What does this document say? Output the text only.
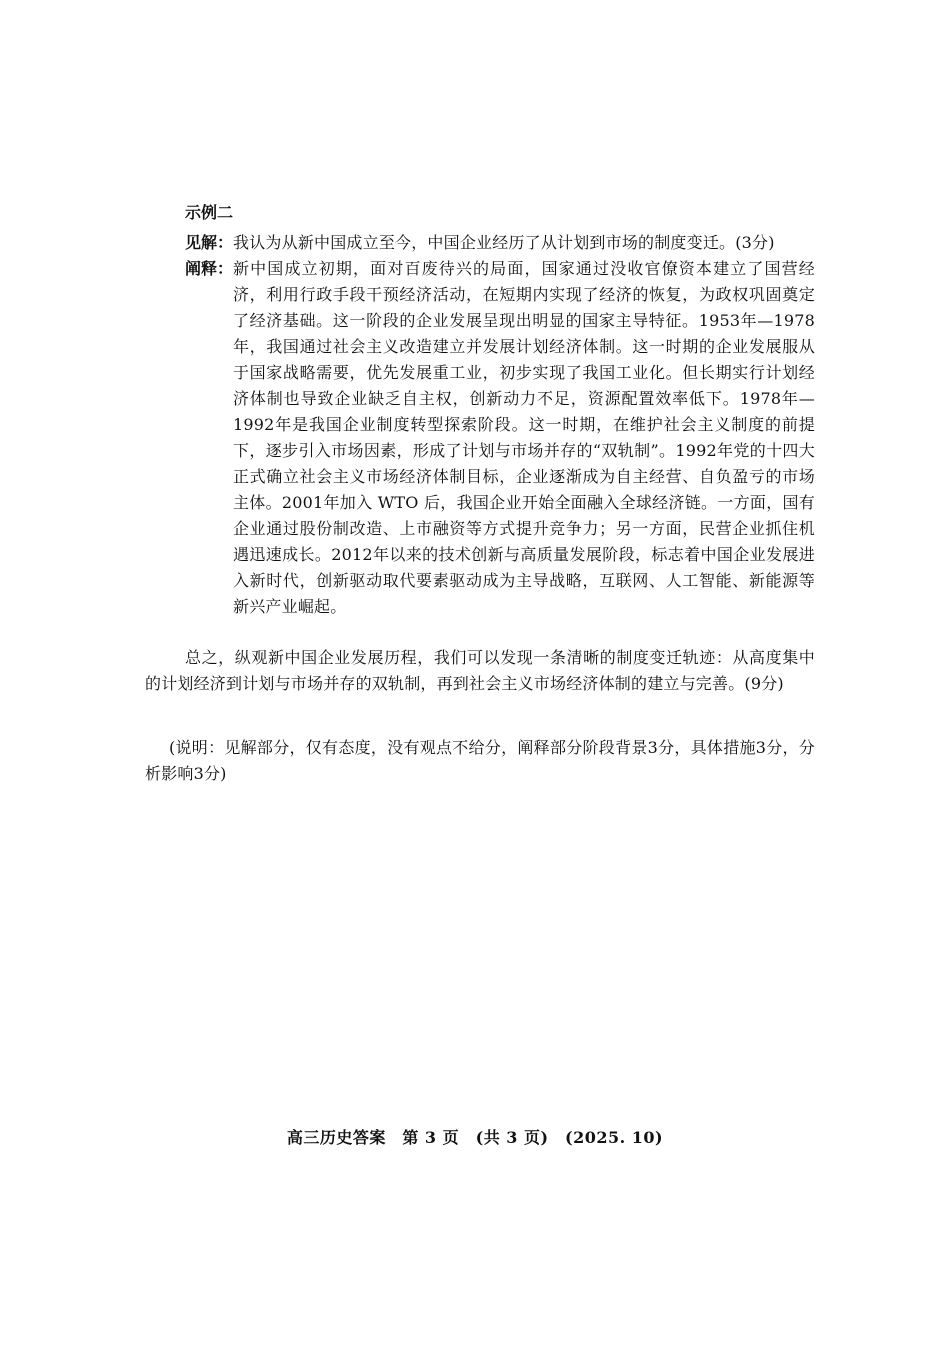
示例二
见解： 我认为从新中国成立至今，中国企业经历了从计划到市场的制度变迁。(3分)
阐释： 新中国成立初期，面对百废待兴的局面，国家通过没收官僚资本建立了国营经济，利用行政手段干预经济活动，在短期内实现了经济的恢复，为政权巩固奠定了经济基础。这一阶段的企业发展呈现出明显的国家主导特征。1953年—1978年，我国通过社会主义改造建立并发展计划经济体制。这一时期的企业发展服从于国家战略需要，优先发展重工业，初步实现了我国工业化。但长期实行计划经济体制也导致企业缺乏自主权，创新动力不足，资源配置效率低下。1978年—1992年是我国企业制度转型探索阶段。这一时期，在维护社会主义制度的前提下，逐步引入市场因素，形成了计划与市场并存的“双轨制”。1992年党的十四大正式确立社会主义市场经济体制目标，企业逐渐成为自主经营、自负盈亏的市场主体。2001年加入 WTO 后，我国企业开始全面融入全球经济链。一方面，国有企业通过股份制改造、上市融资等方式提升竞争力；另一方面，民营企业抓住机遇迅速成长。2012年以来的技术创新与高质量发展阶段，标志着中国企业发展进入新时代，创新驱动取代要素驱动成为主导战略，互联网、人工智能、新能源等新兴产业崛起。

总之，纵观新中国企业发展历程，我们可以发现一条清晰的制度变迁轨迹：从高度集中的计划经济到计划与市场并存的双轨制，再到社会主义市场经济体制的建立与完善。(9分)

(说明：见解部分，仅有态度，没有观点不给分，阐释部分阶段背景3分，具体措施3分，分析影响3分)
高三历史答案　第 3 页　(共 3 页)　(2025. 10)
